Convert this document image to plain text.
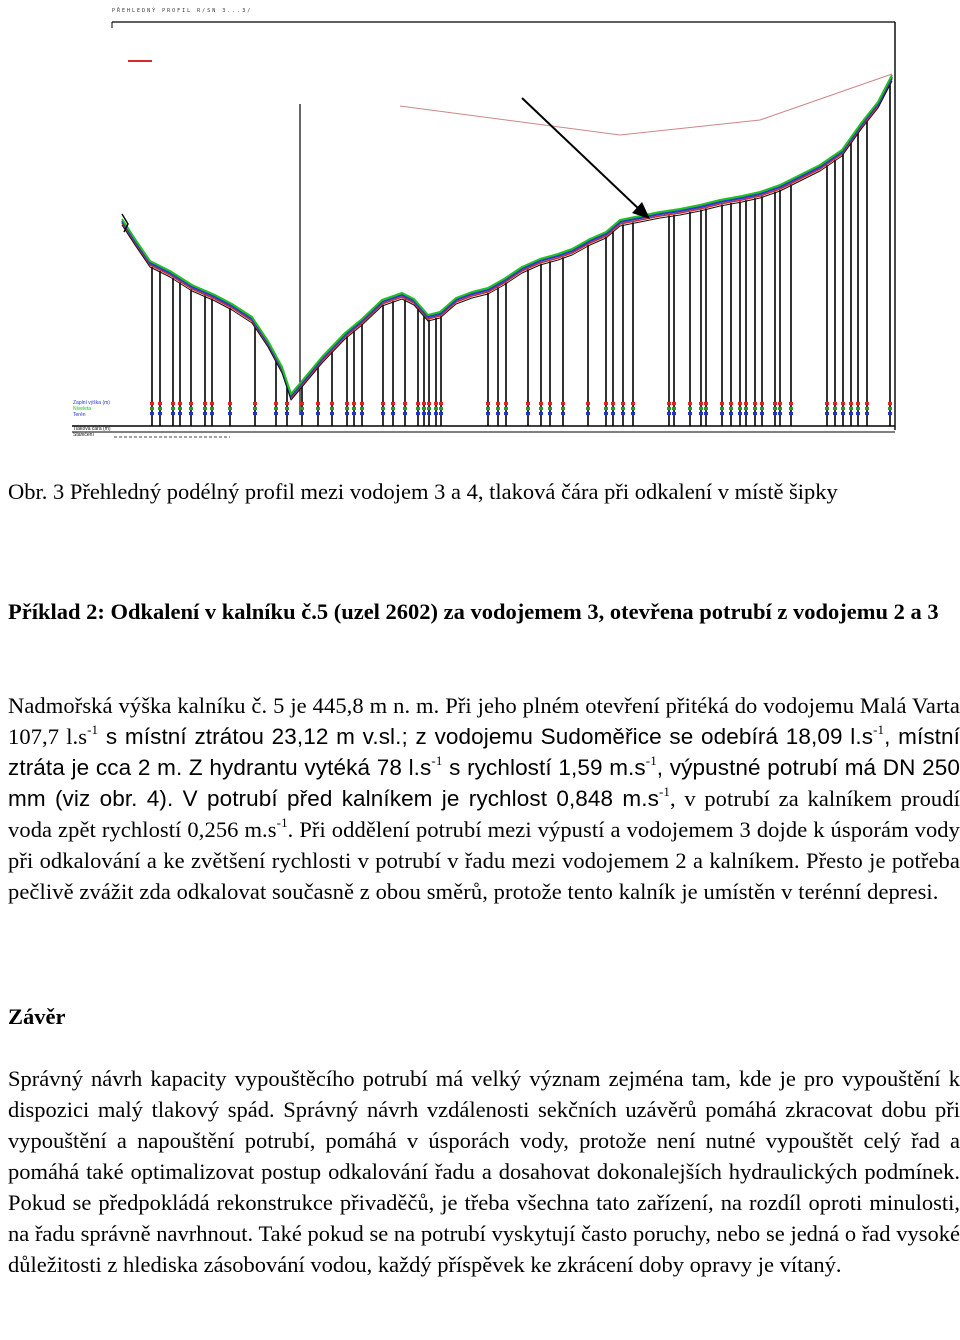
PŘEHLEDNÝ PROFIL R/SN 3...3/
Zaplní výška (m)
Niveleta
Terén
Tlaková čára (m)
Staničení
Obr. 3 Přehledný podélný profil mezi vodojem 3 a 4, tlaková čára při odkalení v místě šipky
Příklad 2: Odkalení v kalníku č.5 (uzel 2602) za vodojemem 3, otevřena potrubí z vodojemu 2 a 3
Nadmořská výška kalníku č. 5 je 445,8 m n. m. Při jeho plném otevření přitéká do vodojemu Malá Varta 107,7 $l.s^{-1}$ s místní ztrátou 23,12 m v.sl.; z vodojemu Sudoměřice se odebírá 18,09 $l.s^{-1}$, místní ztráta je cca 2 m. Z hydrantu vytéká 78 $l.s^{-1}$ s rychlostí 1,59 $m.s^{-1}$, výpustné potrubí má DN 250 mm (viz obr. 4). V potrubí před kalníkem je rychlost 0,848 $m.s^{-1}$, v potrubí za kalníkem proudí voda zpět rychlostí 0,256 $m.s^{-1}$. Při oddělení potrubí mezi výpustí a vodojemem 3 dojde k úsporám vody při odkalování a ke zvětšení rychlosti v potrubí v řadu mezi vodojemem 2 a kalníkem. Přesto je potřeba pečlivě zvážit zda odkalovat současně z obou směrů, protože tento kalník je umístěn v terénní depresi.
Závěr
Správný návrh kapacity vypouštěcího potrubí má velký význam zejména tam, kde je pro vypouštění k dispozici malý tlakový spád. Správný návrh vzdálenosti sekčních uzávěrů pomáhá zkracovat dobu při vypouštění a napouštění potrubí, pomáhá v úsporách vody, protože není nutné vypouštět celý řad a pomáhá také optimalizovat postup odkalování řadu a dosahovat dokonalejších hydraulických podmínek. Pokud se předpokládá rekonstrukce přivaděčů, je třeba všechna tato zařízení, na rozdíl oproti minulosti, na řadu správně navrhnout. Také pokud se na potrubí vyskytují často poruchy, nebo se jedná o řad vysoké důležitosti z hlediska zásobování vodou, každý příspěvek ke zkrácení doby opravy je vítaný.
